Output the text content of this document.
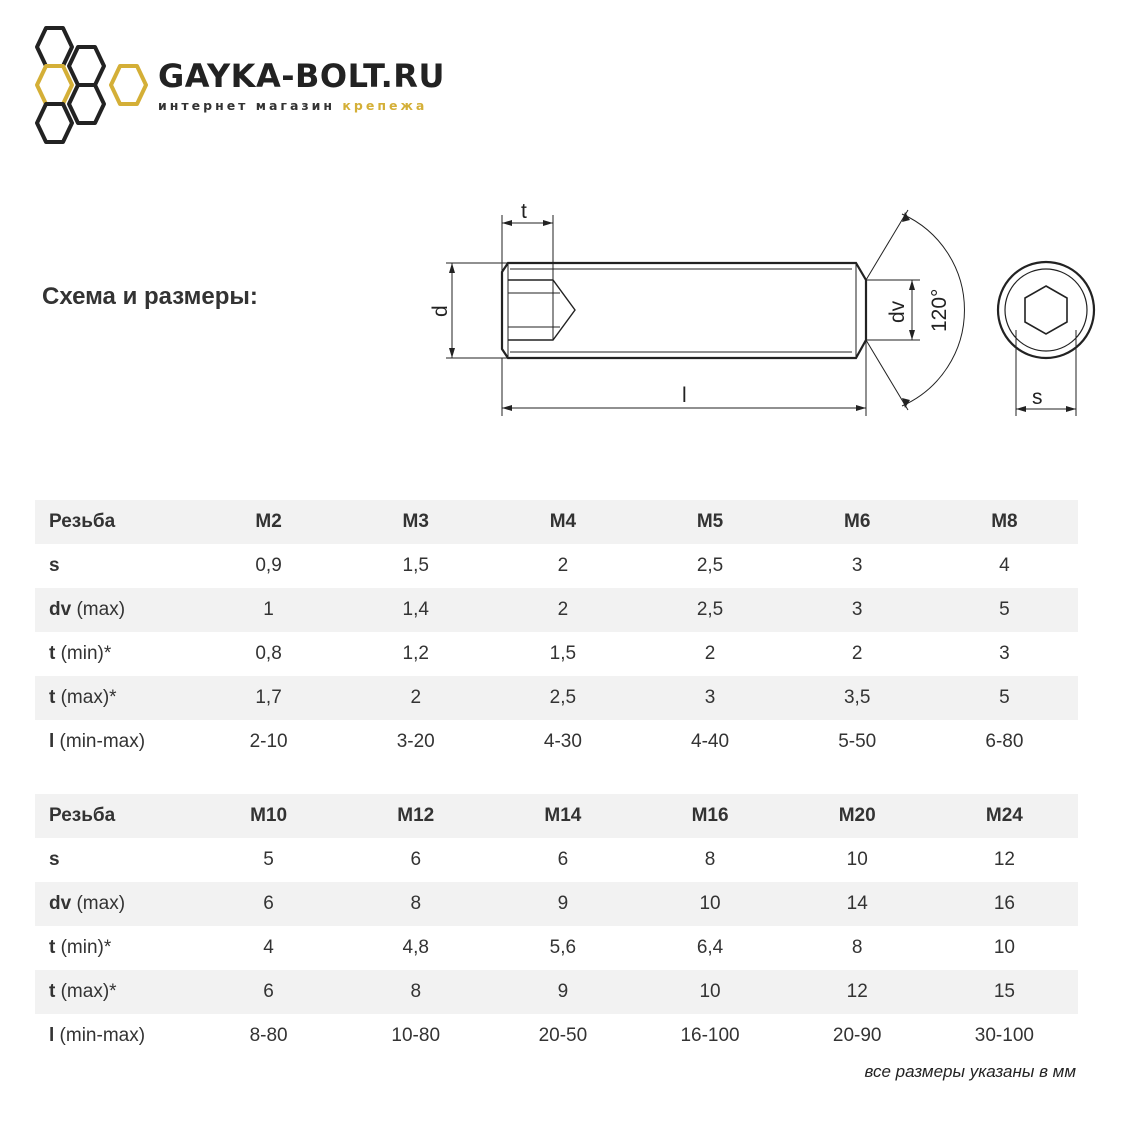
GAYKA-BOLT.RU
интернет магазин крепежа
Схема и размеры:
t
d
l
dv 120°
s
Резьба	M2	M3	M4	M5	M6	M8
s	0,9	1,5	2	2,5	3	4
dv (max)	1	1,4	2	2,5	3	5
t (min)*	0,8	1,2	1,5	2	2	3
t (max)*	1,7	2	2,5	3	3,5	5
l (min-max)	2-10	3-20	4-30	4-40	5-50	6-80
Резьба	M10	M12	M14	M16	M20	M24
s	5	6	6	8	10	12
dv (max)	6	8	9	10	14	16
t (min)*	4	4,8	5,6	6,4	8	10
t (max)*	6	8	9	10	12	15
l (min-max)	8-80	10-80	20-50	16-100	20-90	30-100
все размеры указаны в мм
